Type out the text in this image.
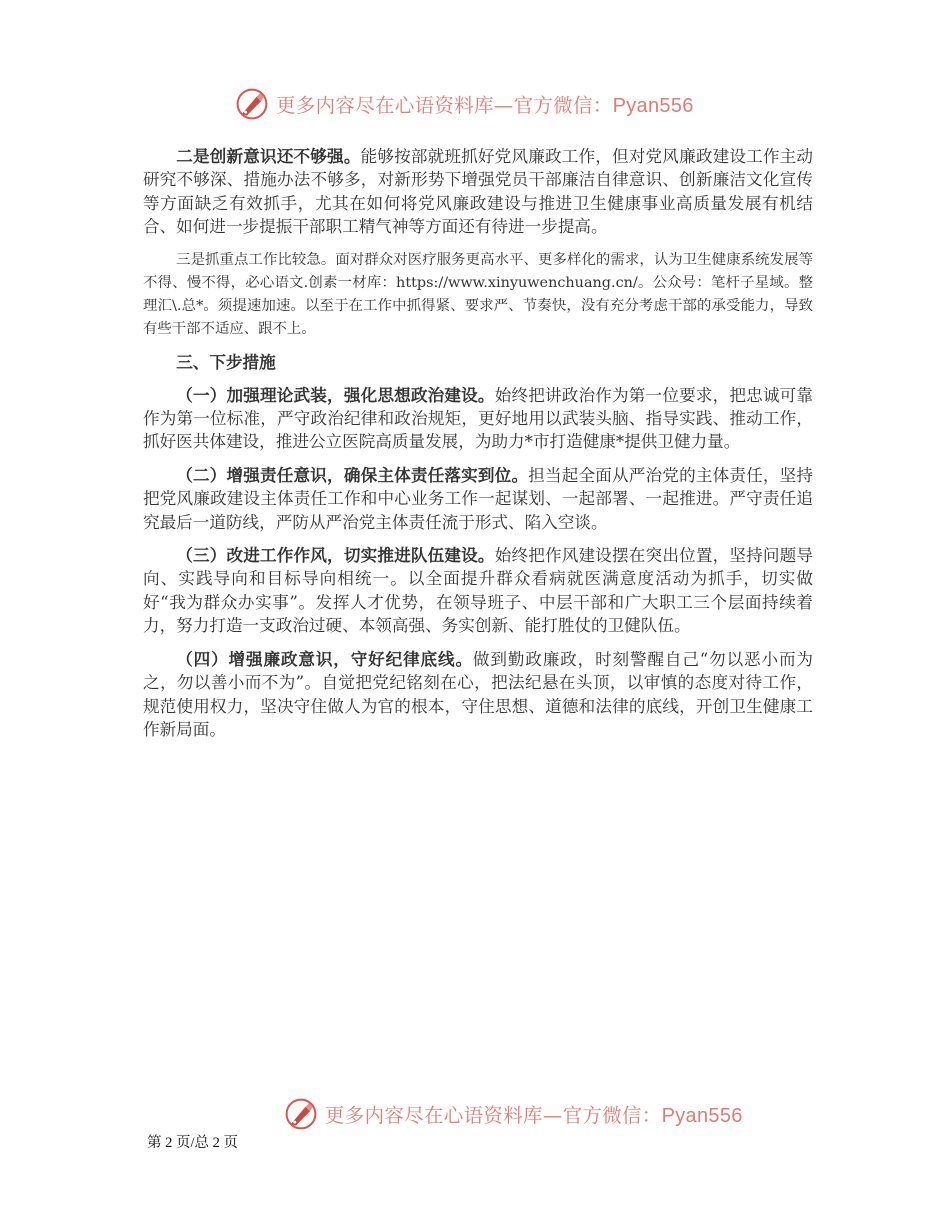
更多内容尽在心语资料库—官方微信：Pyan556

二是创新意识还不够强。能够按部就班抓好党风廉政工作，但对党风廉政建设工作主动研究不够深、措施办法不够多，对新形势下增强党员干部廉洁自律意识、创新廉洁文化宣传等方面缺乏有效抓手，尤其在如何将党风廉政建设与推进卫生健康事业高质量发展有机结合、如何进一步提振干部职工精气神等方面还有待进一步提高。

三是抓重点工作比较急。面对群众对医疗服务更高水平、更多样化的需求，认为卫生健康系统发展等不得、慢不得，必心语文.创素一材库：https://www.xinyuwenchuang.cn/。公众号：笔杆子星域。整理汇\.总*。须提速加速。以至于在工作中抓得紧、要求严、节奏快，没有充分考虑干部的承受能力，导致有些干部不适应、跟不上。

三、下步措施

（一）加强理论武装，强化思想政治建设。始终把讲政治作为第一位要求，把忠诚可靠作为第一位标准，严守政治纪律和政治规矩，更好地用以武装头脑、指导实践、推动工作，抓好医共体建设，推进公立医院高质量发展，为助力*市打造健康*提供卫健力量。

（二）增强责任意识，确保主体责任落实到位。担当起全面从严治党的主体责任，坚持把党风廉政建设主体责任工作和中心业务工作一起谋划、一起部署、一起推进。严守责任追究最后一道防线，严防从严治党主体责任流于形式、陷入空谈。

（三）改进工作作风，切实推进队伍建设。始终把作风建设摆在突出位置，坚持问题导向、实践导向和目标导向相统一。以全面提升群众看病就医满意度活动为抓手，切实做好“我为群众办实事”。发挥人才优势，在领导班子、中层干部和广大职工三个层面持续着力，努力打造一支政治过硬、本领高强、务实创新、能打胜仗的卫健队伍。

（四）增强廉政意识，守好纪律底线。做到勤政廉政，时刻警醒自己“勿以恶小而为之，勿以善小而不为”。自觉把党纪铭刻在心，把法纪悬在头顶，以审慎的态度对待工作，规范使用权力，坚决守住做人为官的根本，守住思想、道德和法律的底线，开创卫生健康工作新局面。

更多内容尽在心语资料库—官方微信：Pyan556
第 2 页/总 2 页
